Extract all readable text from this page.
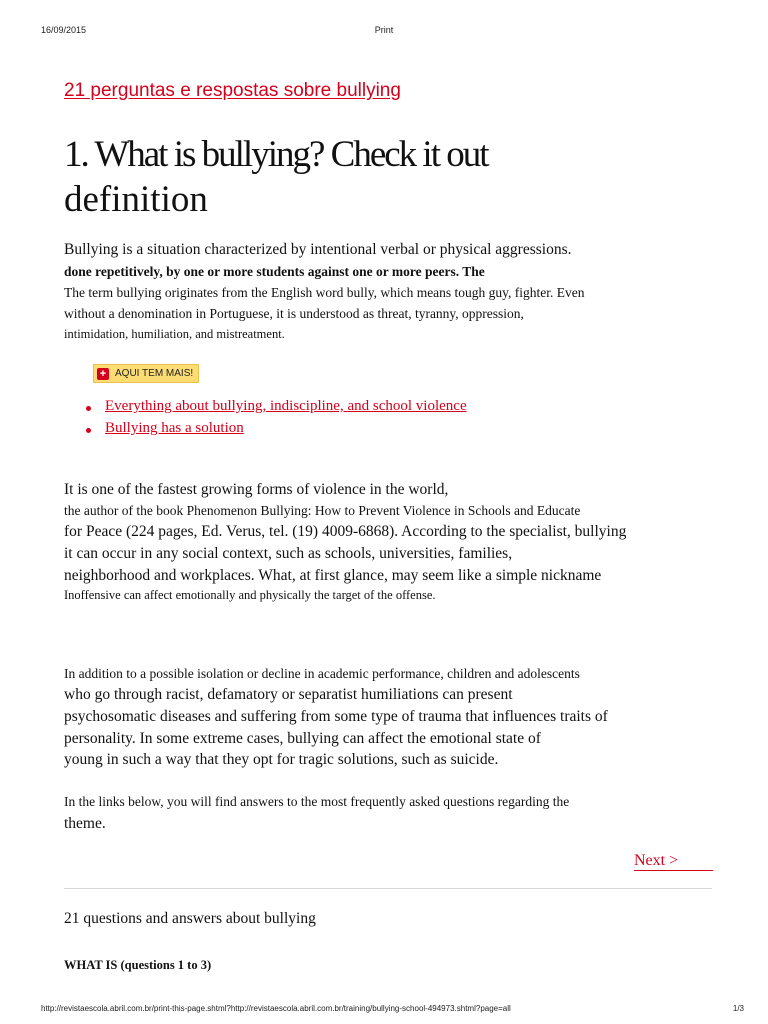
16/09/2015	Print
21 perguntas e respostas sobre bullying
1. What is bullying? Check it out
definition
Bullying is a situation characterized by intentional verbal or physical aggressions.
done repetitively, by one or more students against one or more peers. The
The term bullying originates from the English word bully, which means tough guy, fighter. Even
without a denomination in Portuguese, it is understood as threat, tyranny, oppression,
intimidation, humiliation, and mistreatment.
+ AQUI TEM MAIS!
Everything about bullying, indiscipline, and school violence
Bullying has a solution
It is one of the fastest growing forms of violence in the world,
the author of the book Phenomenon Bullying: How to Prevent Violence in Schools and Educate
for Peace (224 pages, Ed. Verus, tel. (19) 4009-6868). According to the specialist, bullying
it can occur in any social context, such as schools, universities, families,
neighborhood and workplaces. What, at first glance, may seem like a simple nickname
Inoffensive can affect emotionally and physically the target of the offense.
In addition to a possible isolation or decline in academic performance, children and adolescents
who go through racist, defamatory or separatist humiliations can present
psychosomatic diseases and suffering from some type of trauma that influences traits of
personality. In some extreme cases, bullying can affect the emotional state of
young in such a way that they opt for tragic solutions, such as suicide.
In the links below, you will find answers to the most frequently asked questions regarding the
theme.
Next >
21 questions and answers about bullying
WHAT IS (questions 1 to 3)
http://revistaescola.abril.com.br/print-this-page.shtml?http://revistaescola.abril.com.br/training/bullying-school-494973.shtml?page=all	1/3
